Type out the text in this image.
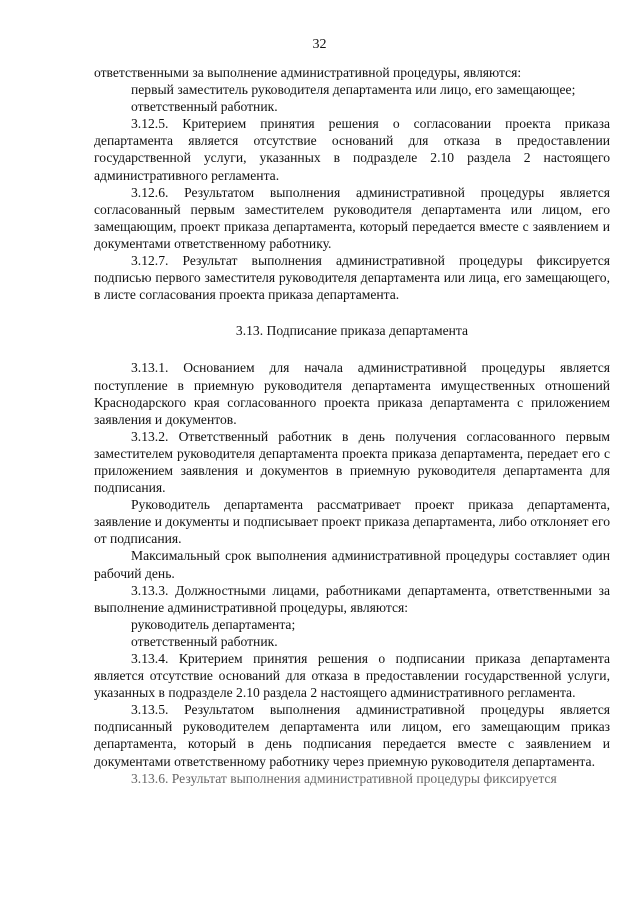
32

ответственными за выполнение административной процедуры, являются:

первый заместитель руководителя департамента или лицо, его замещающее;

ответственный работник.

3.12.5. Критерием принятия решения о согласовании проекта приказа департамента является отсутствие оснований для отказа в предоставлении государственной услуги, указанных в подразделе 2.10 раздела 2 настоящего административного регламента.

3.12.6. Результатом выполнения административной процедуры является согласованный первым заместителем руководителя департамента или лицом, его замещающим, проект приказа департамента, который передается вместе с заявлением и документами ответственному работнику.

3.12.7. Результат выполнения административной процедуры фиксируется подписью первого заместителя руководителя департамента или лица, его замещающего, в листе согласования проекта приказа департамента.

3.13. Подписание приказа департамента

3.13.1. Основанием для начала административной процедуры является поступление в приемную руководителя департамента имущественных отношений Краснодарского края согласованного проекта приказа департамента с приложением заявления и документов.

3.13.2. Ответственный работник в день получения согласованного первым заместителем руководителя департамента проекта приказа департамента, передает его с приложением заявления и документов в приемную руководителя департамента для подписания.

Руководитель департамента рассматривает проект приказа департамента, заявление и документы и подписывает проект приказа департамента, либо отклоняет его от подписания.

Максимальный срок выполнения административной процедуры составляет один рабочий день.

3.13.3. Должностными лицами, работниками департамента, ответственными за выполнение административной процедуры, являются:

руководитель департамента;

ответственный работник.

3.13.4. Критерием принятия решения о подписании приказа департамента является отсутствие оснований для отказа в предоставлении государственной услуги, указанных в подразделе 2.10 раздела 2 настоящего административного регламента.

3.13.5. Результатом выполнения административной процедуры является подписанный руководителем департамента или лицом, его замещающим приказ департамента, который в день подписания передается вместе с заявлением и документами ответственному работнику через приемную руководителя департамента.

3.13.6. Результат выполнения административной процедуры фиксируется
